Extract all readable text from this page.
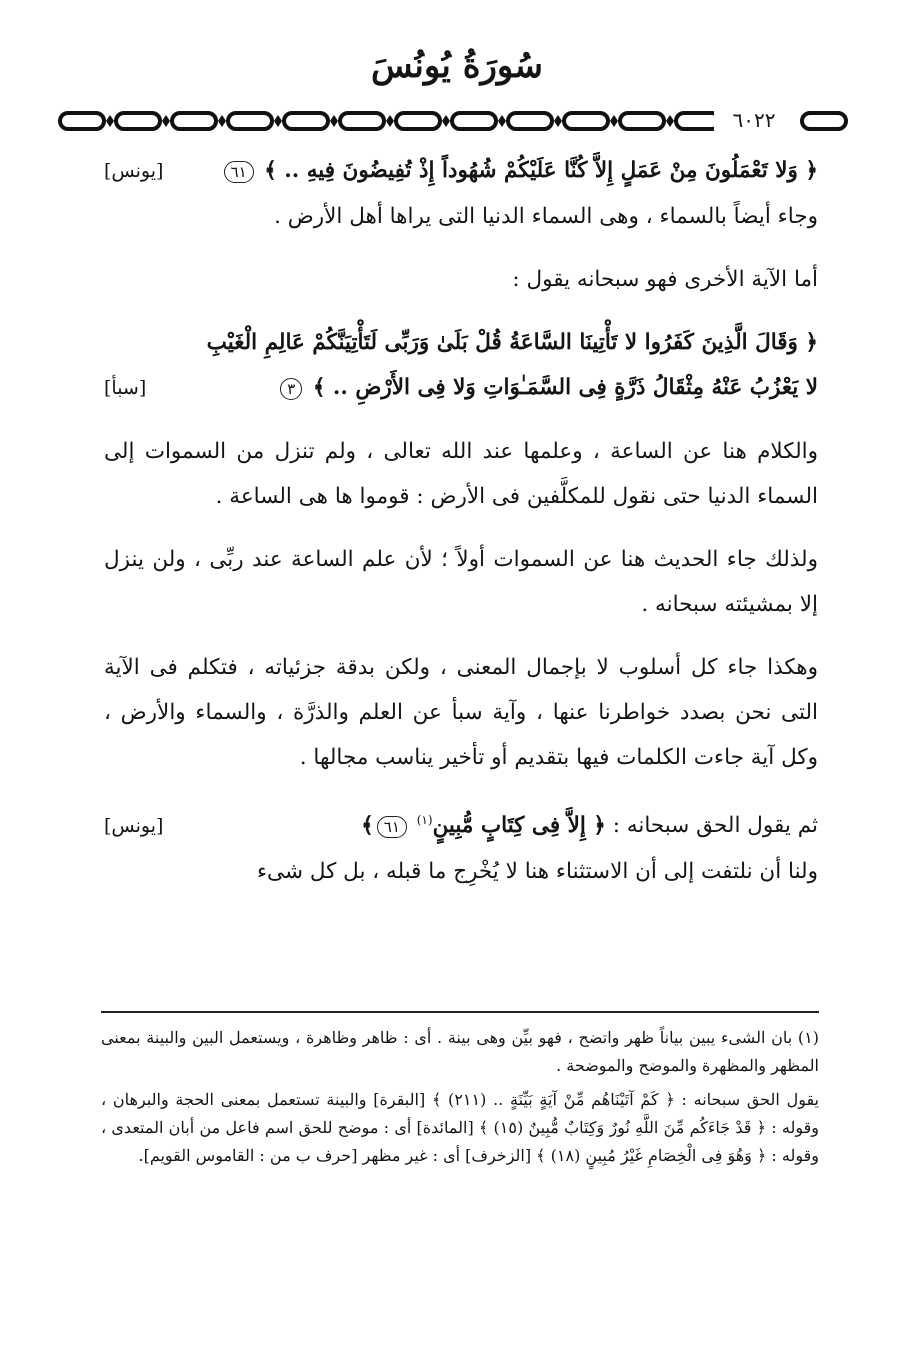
سُورَةُ يُونُسَ
٦٠٢٢
﴿ وَلا تَعْمَلُونَ مِنْ عَمَلٍ إِلاَّ كُنَّا عَلَيْكُمْ شُهُوداً إِذْ تُفِيضُونَ فِيهِ .. ﴾ ٦١
[يونس]

وجاء أيضاً بالسماء ، وهى السماء الدنيا التى يراها أهل الأرض .

أما الآية الأخرى فهو سبحانه يقول :

﴿ وَقَالَ الَّذِينَ كَفَرُوا لا تَأْتِينَا السَّاعَةُ قُلْ بَلَىٰ وَرَبِّى لَتَأْتِيَنَّكُمْ عَالِمِ الْغَيْبِ

لا يَعْزُبُ عَنْهُ مِثْقَالُ ذَرَّةٍ فِى السَّمَـٰوَاتِ وَلا فِى الأَرْضِ .. ﴾ ٣
[سبأ]

والكلام هنا عن الساعة ، وعلمها عند الله تعالى ، ولم تنزل من السموات إلى السماء الدنيا حتى نقول للمكلَّفين فى الأرض : قوموا ها هى الساعة .

ولذلك جاء الحديث هنا عن السموات أولاً ؛ لأن علم الساعة عند ربِّى ، ولن ينزل إلا بمشيئته سبحانه .

وهكذا جاء كل أسلوب لا بإجمال المعنى ، ولكن بدقة جزئياته ، فتكلم فى الآية التى نحن بصدد خواطرنا عنها ، وآية سبأ عن العلم والذرَّة ، والسماء والأرض ، وكل آية جاءت الكلمات فيها بتقديم أو تأخير يناسب مجالها .

ثم يقول الحق سبحانه : ﴿ إِلاَّ فِى كِتَابٍ مُّبِينٍ$^{(١)}$ ٦١﴾
[يونس]

ولنا أن نلتفت إلى أن الاستثناء هنا لا يُخْرِج ما قبله ، بل كل شىء

(١) بان الشىء يبين بياناً ظهر واتضح ، فهو بيِّن وهى بينة . أى : ظاهر وظاهرة ، ويستعمل البين والبينة بمعنى المظهر والمظهرة والموضح والموضحة .

يقول الحق سبحانه : ﴿ كَمْ آتَيْنَاهُم مِّنْ آيَةٍ بَيِّنَةٍ .. (٢١١) ﴾ [البقرة] والبينة تستعمل بمعنى الحجة والبرهان ، وقوله : ﴿ قَدْ جَاءَكُم مِّنَ اللَّهِ نُورٌ وَكِتَابٌ مُّبِينٌ (١٥) ﴾ [المائدة] أى : موضح للحق اسم فاعل من أبان المتعدى ، وقوله : ﴿ وَهُوَ فِى الْخِصَامِ غَيْرُ مُبِينٍ (١٨) ﴾ [الزخرف] أى : غير مظهر [حرف ب من : القاموس القويم].
